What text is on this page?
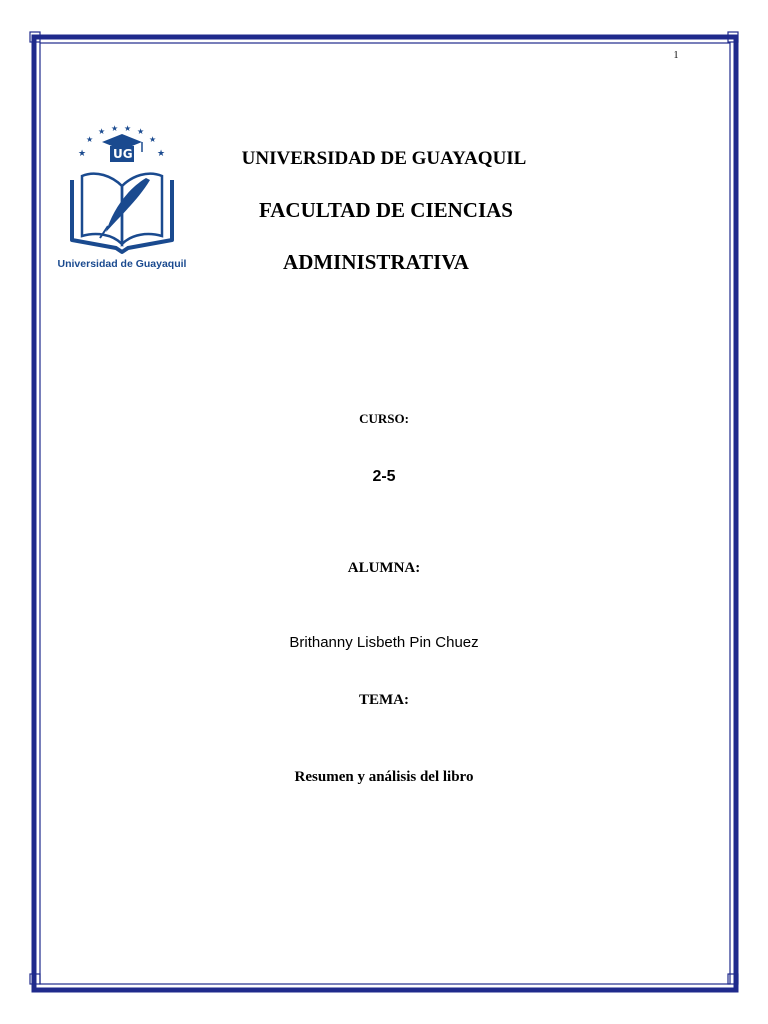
1
★
★
★ ★ ★ ★
★
★
UG
Universidad de Guayaquil
UNIVERSIDAD DE GUAYAQUIL
FACULTAD DE CIENCIAS
ADMINISTRATIVA
CURSO:
2-5
ALUMNA:
Brithanny Lisbeth Pin Chuez
TEMA:
Resumen y análisis del libro
